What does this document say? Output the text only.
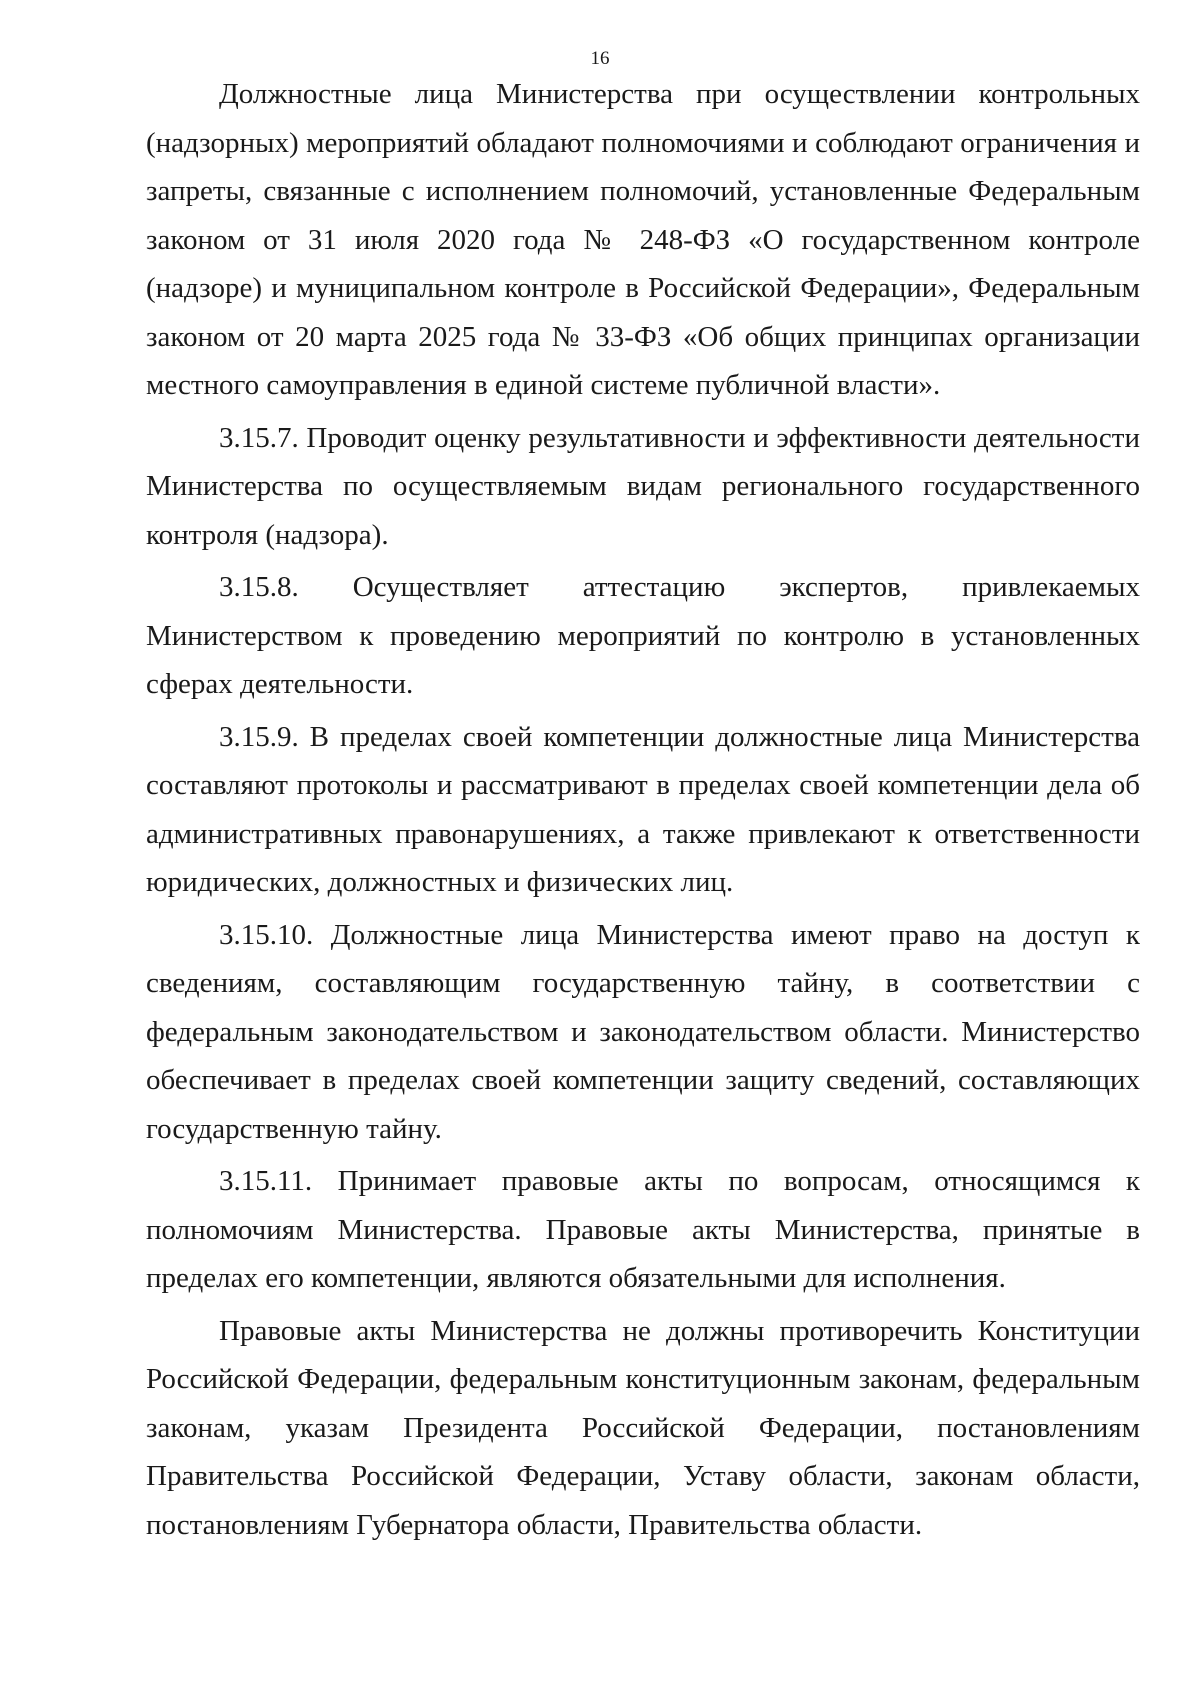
16

Должностные лица Министерства при осуществлении контрольных (надзорных) мероприятий обладают полномочиями и соблюдают ограничения и запреты, связанные с исполнением полномочий, установленные Федеральным законом от 31 июля 2020 года № 248-ФЗ «О государственном контроле (надзоре) и муниципальном контроле в Российской Федерации», Федеральным законом от 20 марта 2025 года № 33-ФЗ «Об общих принципах организации местного самоуправления в единой системе публичной власти».

3.15.7. Проводит оценку результативности и эффективности деятельности Министерства по осуществляемым видам регионального государственного контроля (надзора).

3.15.8. Осуществляет аттестацию экспертов, привлекаемых Министерством к проведению мероприятий по контролю в установленных сферах деятельности.

3.15.9. В пределах своей компетенции должностные лица Министерства составляют протоколы и рассматривают в пределах своей компетенции дела об административных правонарушениях, а также привлекают к ответственности юридических, должностных и физических лиц.

3.15.10. Должностные лица Министерства имеют право на доступ к сведениям, составляющим государственную тайну, в соответствии с федеральным законодательством и законодательством области. Министерство обеспечивает в пределах своей компетенции защиту сведений, составляющих государственную тайну.

3.15.11. Принимает правовые акты по вопросам, относящимся к полномочиям Министерства. Правовые акты Министерства, принятые в пределах его компетенции, являются обязательными для исполнения.

Правовые акты Министерства не должны противоречить Конституции Российской Федерации, федеральным конституционным законам, федеральным законам, указам Президента Российской Федерации, постановлениям Правительства Российской Федерации, Уставу области, законам области, постановлениям Губернатора области, Правительства области.
